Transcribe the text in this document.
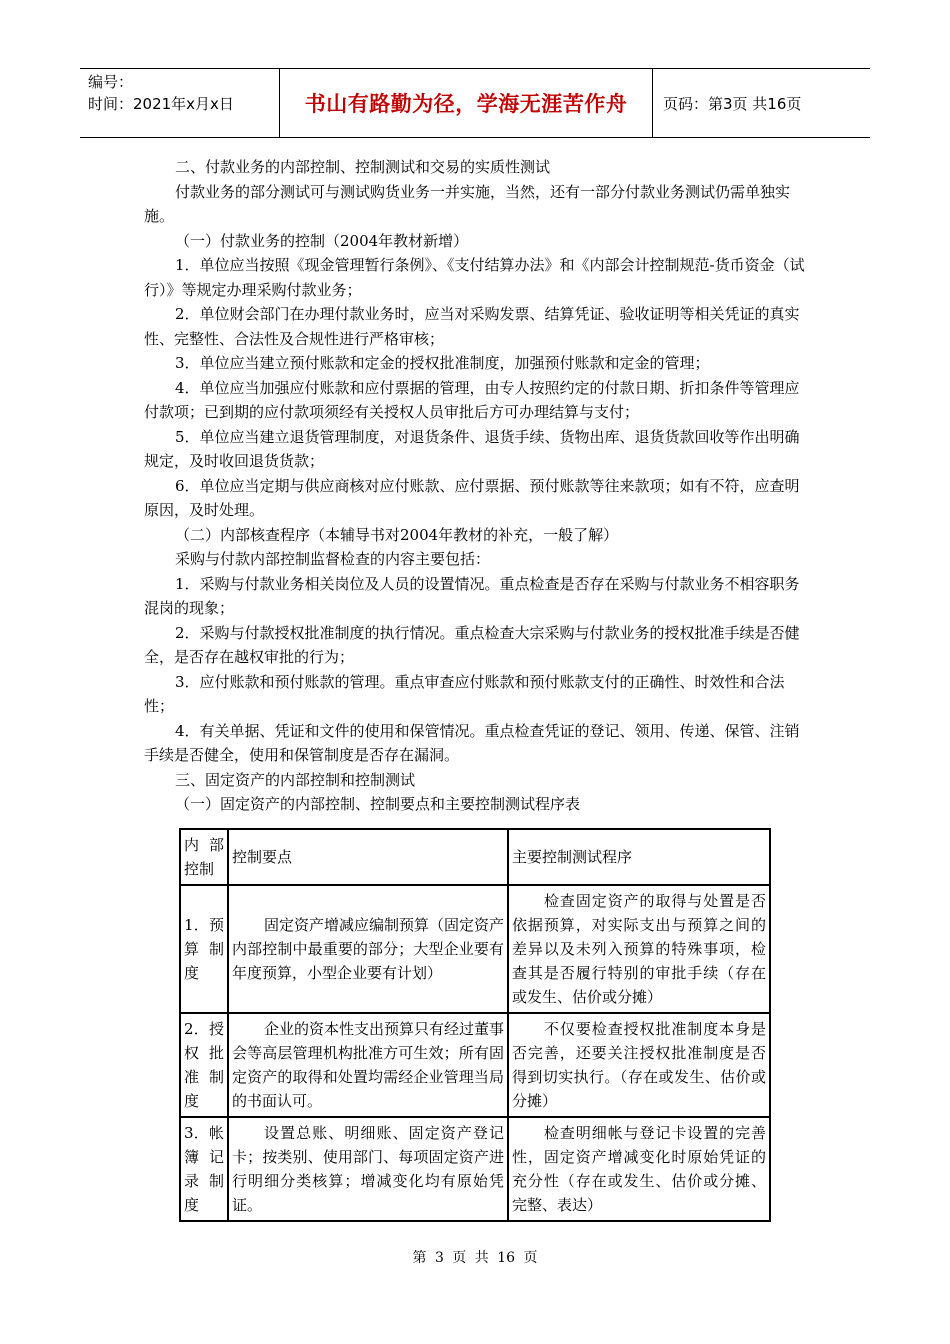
编号：
时间：2021年x月x日	书山有路勤为径，学海无涯苦作舟	页码：第3页 共16页

二、付款业务的内部控制、控制测试和交易的实质性测试

付款业务的部分测试可与测试购货业务一并实施，当然，还有一部分付款业务测试仍需单独实施。

（一）付款业务的控制（2004年教材新增）

1．单位应当按照《现金管理暂行条例》、《支付结算办法》和《内部会计控制规范-货币资金（试行）》等规定办理采购付款业务；

2．单位财会部门在办理付款业务时，应当对采购发票、结算凭证、验收证明等相关凭证的真实性、完整性、合法性及合规性进行严格审核；

3．单位应当建立预付账款和定金的授权批准制度，加强预付账款和定金的管理；

4．单位应当加强应付账款和应付票据的管理，由专人按照约定的付款日期、折扣条件等管理应付款项；已到期的应付款项须经有关授权人员审批后方可办理结算与支付；

5．单位应当建立退货管理制度，对退货条件、退货手续、货物出库、退货货款回收等作出明确规定，及时收回退货货款；

6．单位应当定期与供应商核对应付账款、应付票据、预付账款等往来款项；如有不符，应查明原因，及时处理。

（二）内部核查程序（本辅导书对2004年教材的补充，一般了解）

采购与付款内部控制监督检查的内容主要包括：

1．采购与付款业务相关岗位及人员的设置情况。重点检查是否存在采购与付款业务不相容职务混岗的现象；

2．采购与付款授权批准制度的执行情况。重点检查大宗采购与付款业务的授权批准手续是否健全，是否存在越权审批的行为；

3．应付账款和预付账款的管理。重点审查应付账款和预付账款支付的正确性、时效性和合法性；

4．有关单据、凭证和文件的使用和保管情况。重点检查凭证的登记、领用、传递、保管、注销手续是否健全，使用和保管制度是否存在漏洞。

三、固定资产的内部控制和控制测试

（一）固定资产的内部控制、控制要点和主要控制测试程序表

内部控制	控制要点	主要控制测试程序
1．预算制度	固定资产增减应编制预算（固定资产内部控制中最重要的部分；大型企业要有年度预算，小型企业要有计划）	检查固定资产的取得与处置是否依据预算，对实际支出与预算之间的差异以及未列入预算的特殊事项，检查其是否履行特别的审批手续（存在或发生、估价或分摊）
2．授权批准制度	企业的资本性支出预算只有经过董事会等高层管理机构批准方可生效；所有固定资产的取得和处置均需经企业管理当局的书面认可。	不仅要检查授权批准制度本身是否完善，还要关注授权批准制度是否得到切实执行。（存在或发生、估价或分摊）
3．帐簿记录制度	设置总账、明细账、固定资产登记卡；按类别、使用部门、每项固定资产进行明细分类核算；增减变化均有原始凭证。	检查明细帐与登记卡设置的完善性，固定资产增减变化时原始凭证的充分性（存在或发生、估价或分摊、完整、表达）
第 3 页 共 16 页
